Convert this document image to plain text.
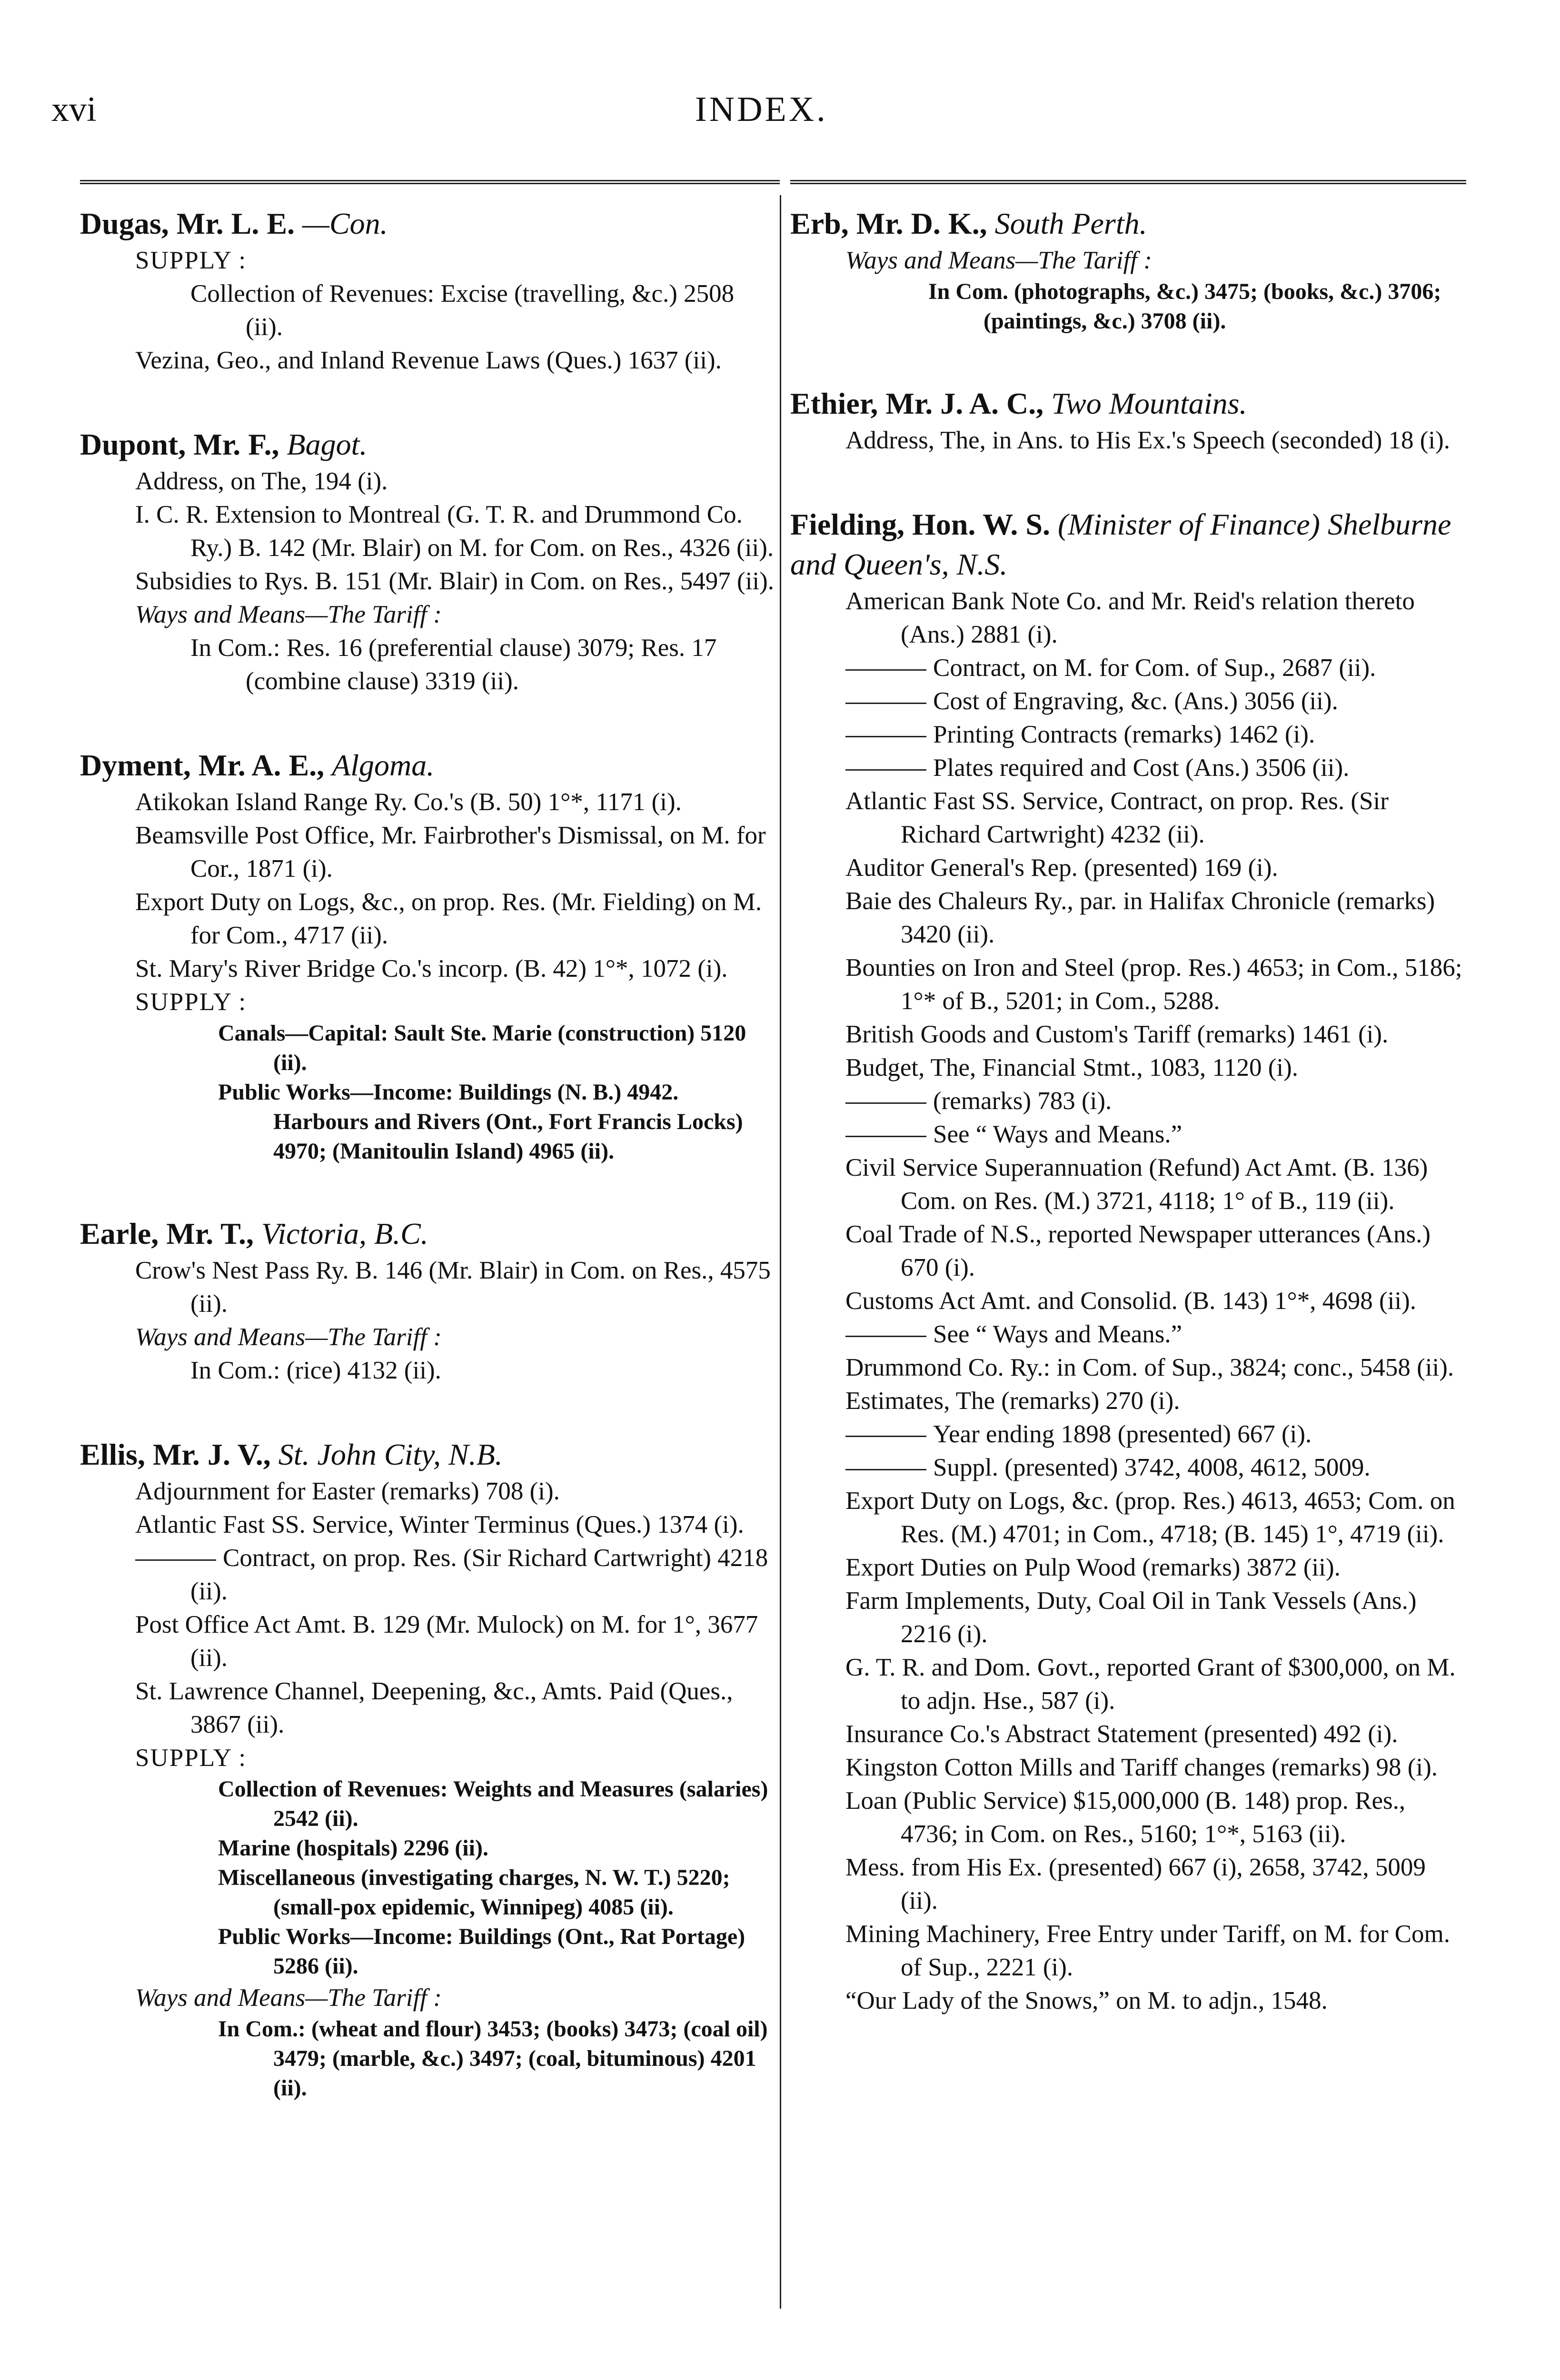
xvi	INDEX.
Dugas, Mr. L. E. —Con.
SUPPLY :
Collection of Revenues: Excise (travelling, &c.) 2508 (ii).
Vezina, Geo., and Inland Revenue Laws (Ques.) 1637 (ii).
Dupont, Mr. F., Bagot.
Address, on The, 194 (i).
I. C. R. Extension to Montreal (G. T. R. and Drummond Co. Ry.) B. 142 (Mr. Blair) on M. for Com. on Res., 4326 (ii).
Subsidies to Rys. B. 151 (Mr. Blair) in Com. on Res., 5497 (ii).
Ways and Means—The Tariff :
In Com.: Res. 16 (preferential clause) 3079; Res. 17 (combine clause) 3319 (ii).
Dyment, Mr. A. E., Algoma.
Atikokan Island Range Ry. Co.'s (B. 50) 1°*, 1171 (i).
Beamsville Post Office, Mr. Fairbrother's Dismissal, on M. for Cor., 1871 (i).
Export Duty on Logs, &c., on prop. Res. (Mr. Fielding) on M. for Com., 4717 (ii).
St. Mary's River Bridge Co.'s incorp. (B. 42) 1°*, 1072 (i).
SUPPLY :
Canals—Capital: Sault Ste. Marie (construction) 5120 (ii).
Public Works—Income: Buildings (N. B.) 4942. Harbours and Rivers (Ont., Fort Francis Locks) 4970; (Manitoulin Island) 4965 (ii).
Earle, Mr. T., Victoria, B.C.
Crow's Nest Pass Ry. B. 146 (Mr. Blair) in Com. on Res., 4575 (ii).
Ways and Means—The Tariff :
In Com.: (rice) 4132 (ii).
Ellis, Mr. J. V., St. John City, N.B.
Adjournment for Easter (remarks) 708 (i).
Atlantic Fast SS. Service, Winter Terminus (Ques.) 1374 (i).
Contract, on prop. Res. (Sir Richard Cartwright) 4218 (ii).
Post Office Act Amt. B. 129 (Mr. Mulock) on M. for 1°, 3677 (ii).
St. Lawrence Channel, Deepening, &c., Amts. Paid (Ques., 3867 (ii).
SUPPLY :
Collection of Revenues: Weights and Measures (salaries) 2542 (ii).
Marine (hospitals) 2296 (ii).
Miscellaneous (investigating charges, N. W. T.) 5220; (small-pox epidemic, Winnipeg) 4085 (ii).
Public Works—Income: Buildings (Ont., Rat Portage) 5286 (ii).
Ways and Means—The Tariff :
In Com.: (wheat and flour) 3453; (books) 3473; (coal oil) 3479; (marble, &c.) 3497; (coal, bituminous) 4201 (ii).
Erb, Mr. D. K., South Perth.
Ways and Means—The Tariff :
In Com. (photographs, &c.) 3475; (books, &c.) 3706; (paintings, &c.) 3708 (ii).
Ethier, Mr. J. A. C., Two Mountains.
Address, The, in Ans. to His Ex.'s Speech (seconded) 18 (i).
Fielding, Hon. W. S. (Minister of Finance) Shelburne and Queen's, N.S.
American Bank Note Co. and Mr. Reid's relation thereto (Ans.) 2881 (i).
Contract, on M. for Com. of Sup., 2687 (ii).
Cost of Engraving, &c. (Ans.) 3056 (ii).
Printing Contracts (remarks) 1462 (i).
Plates required and Cost (Ans.) 3506 (ii).
Atlantic Fast SS. Service, Contract, on prop. Res. (Sir Richard Cartwright) 4232 (ii).
Auditor General's Rep. (presented) 169 (i).
Baie des Chaleurs Ry., par. in Halifax Chronicle (remarks) 3420 (ii).
Bounties on Iron and Steel (prop. Res.) 4653; in Com., 5186; 1°* of B., 5201; in Com., 5288.
British Goods and Custom's Tariff (remarks) 1461 (i).
Budget, The, Financial Stmt., 1083, 1120 (i).
(remarks) 783 (i).
See “ Ways and Means.”
Civil Service Superannuation (Refund) Act Amt. (B. 136) Com. on Res. (M.) 3721, 4118; 1° of B., 119 (ii).
Coal Trade of N.S., reported Newspaper utterances (Ans.) 670 (i).
Customs Act Amt. and Consolid. (B. 143) 1°*, 4698 (ii).
See “ Ways and Means.”
Drummond Co. Ry.: in Com. of Sup., 3824; conc., 5458 (ii).
Estimates, The (remarks) 270 (i).
Year ending 1898 (presented) 667 (i).
Suppl. (presented) 3742, 4008, 4612, 5009.
Export Duty on Logs, &c. (prop. Res.) 4613, 4653; Com. on Res. (M.) 4701; in Com., 4718; (B. 145) 1°, 4719 (ii).
Export Duties on Pulp Wood (remarks) 3872 (ii).
Farm Implements, Duty, Coal Oil in Tank Vessels (Ans.) 2216 (i).
G. T. R. and Dom. Govt., reported Grant of $300,000, on M. to adjn. Hse., 587 (i).
Insurance Co.'s Abstract Statement (presented) 492 (i).
Kingston Cotton Mills and Tariff changes (remarks) 98 (i).
Loan (Public Service) $15,000,000 (B. 148) prop. Res., 4736; in Com. on Res., 5160; 1°*, 5163 (ii).
Mess. from His Ex. (presented) 667 (i), 2658, 3742, 5009 (ii).
Mining Machinery, Free Entry under Tariff, on M. for Com. of Sup., 2221 (i).
“Our Lady of the Snows,” on M. to adjn., 1548.
